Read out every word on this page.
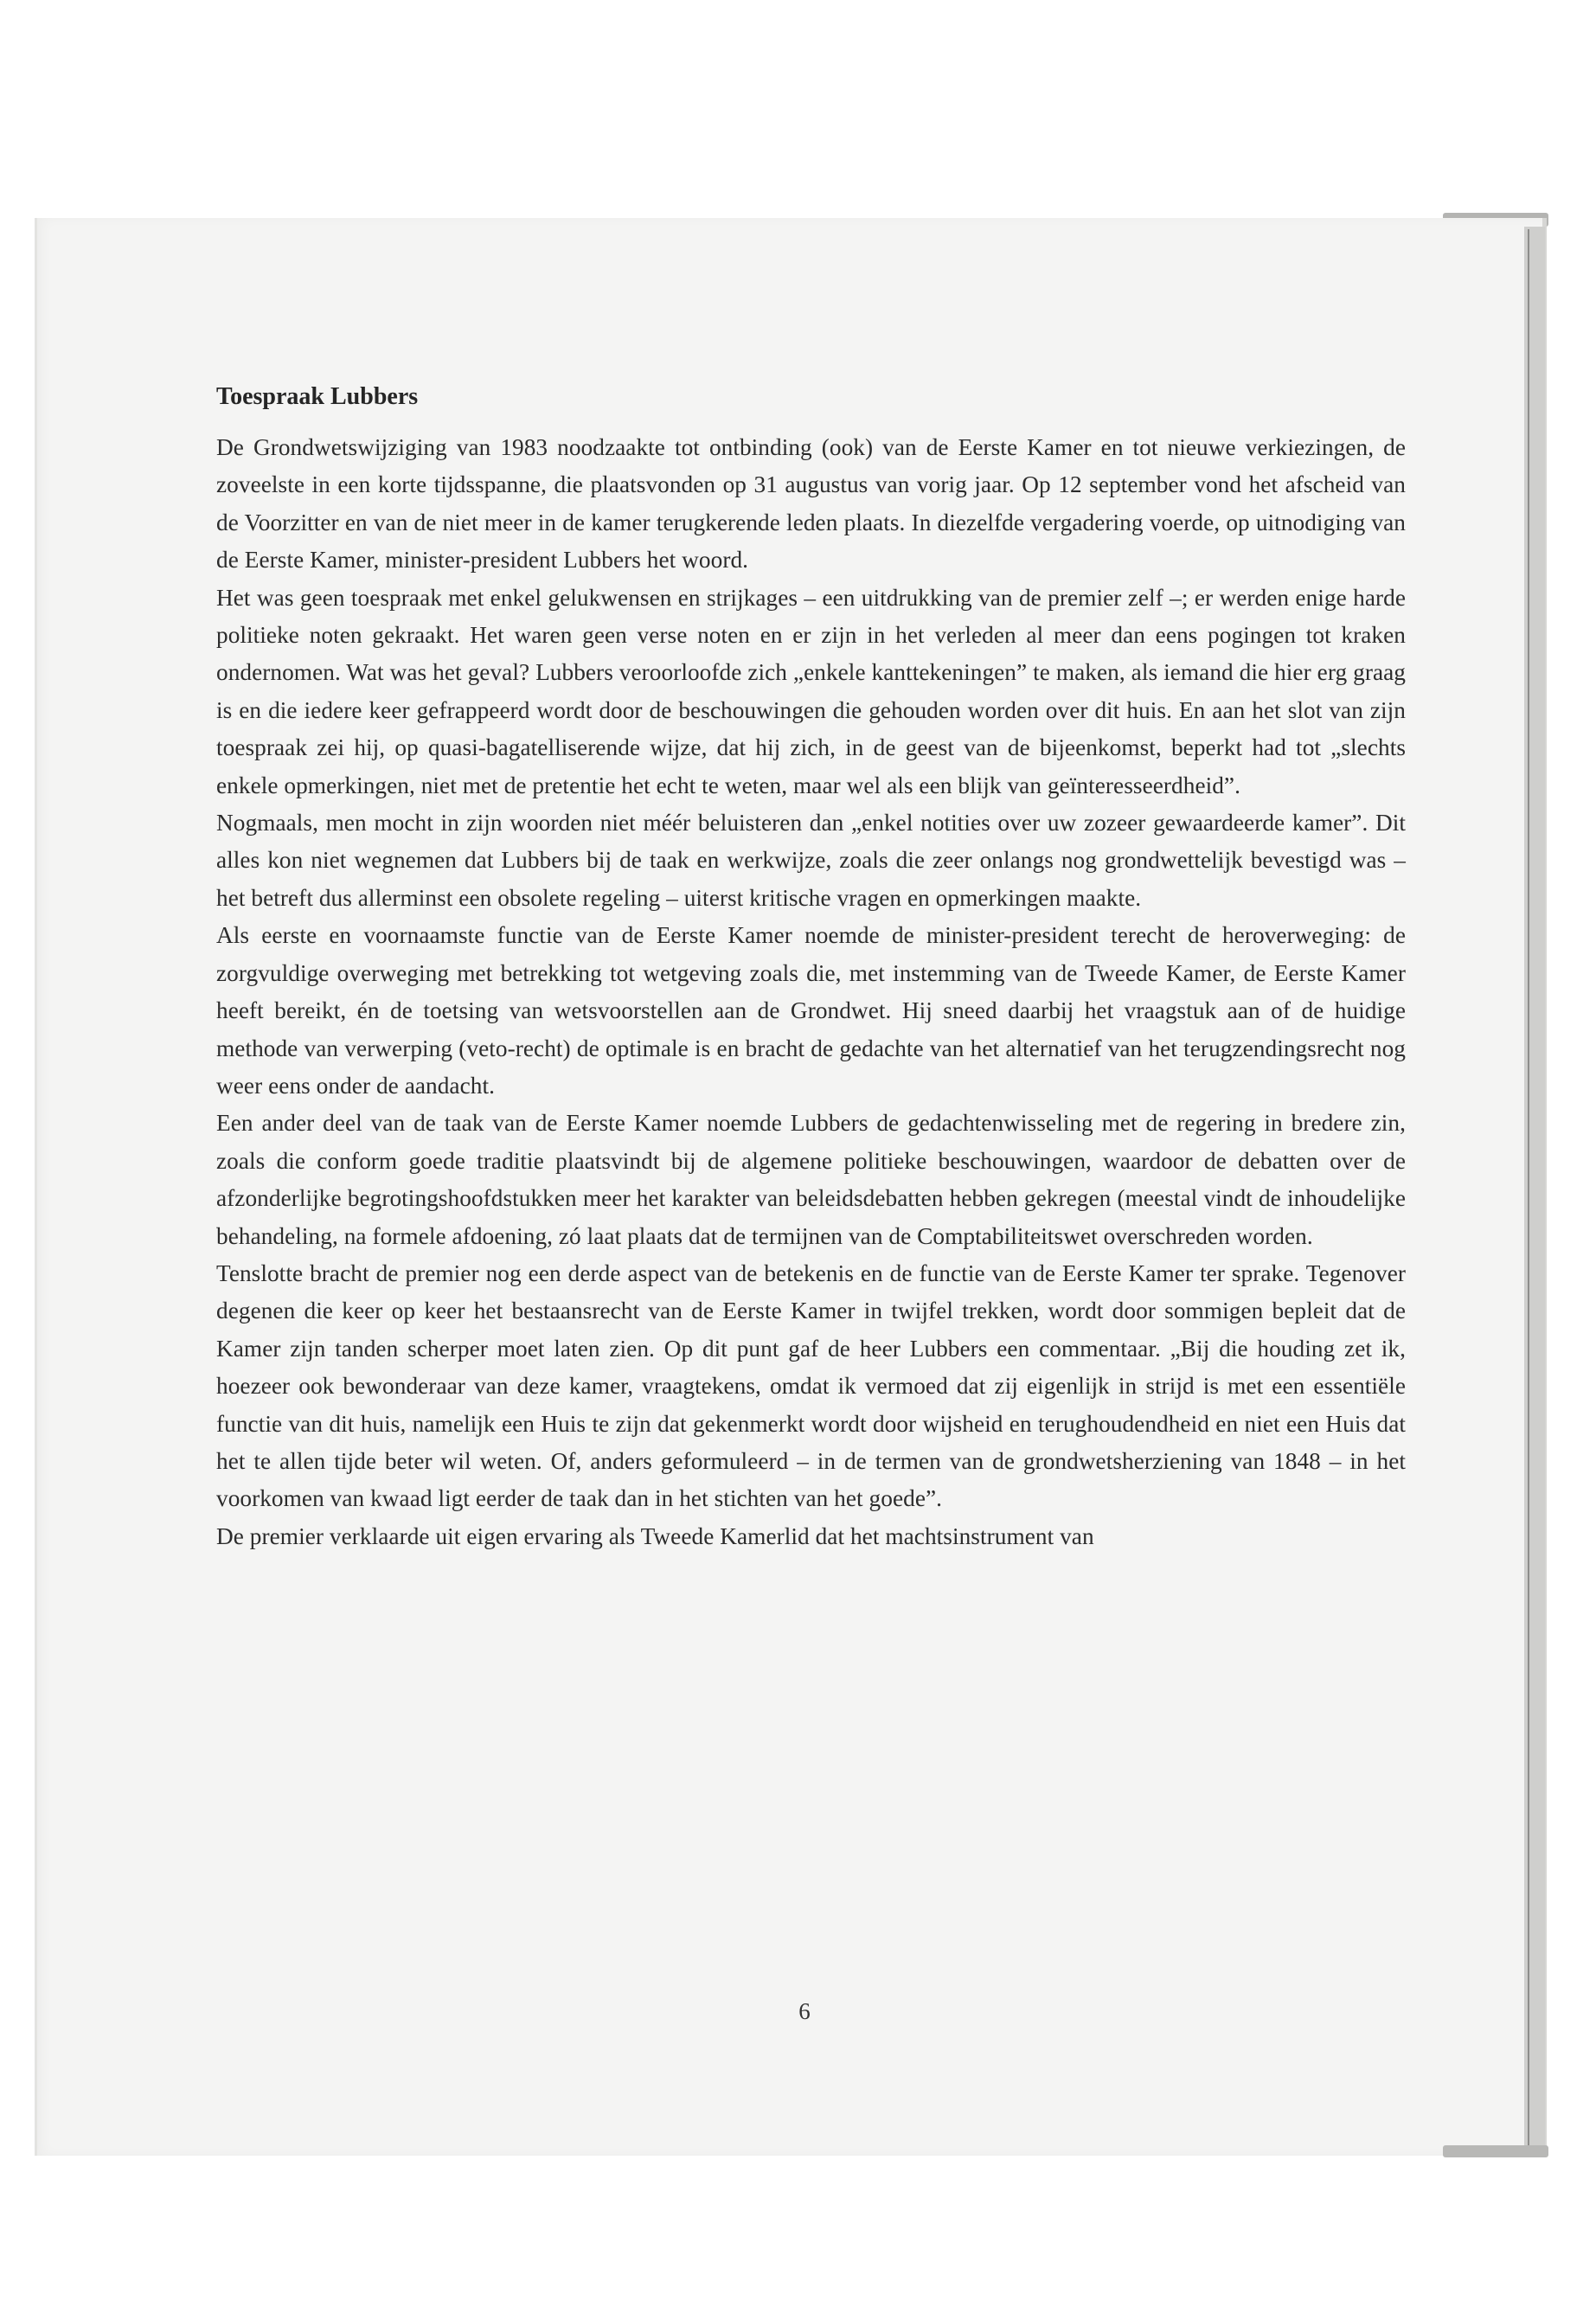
Toespraak Lubbers

De Grondwetswijziging van 1983 noodzaakte tot ontbinding (ook) van de Eerste Kamer en tot nieuwe verkiezingen, de zoveelste in een korte tijdsspanne, die plaatsvonden op 31 augustus van vorig jaar. Op 12 september vond het afscheid van de Voorzitter en van de niet meer in de kamer terugkerende leden plaats. In diezelfde vergadering voerde, op uitnodiging van de Eerste Kamer, minister-president Lubbers het woord.

Het was geen toespraak met enkel gelukwensen en strijkages – een uitdrukking van de premier zelf –; er werden enige harde politieke noten gekraakt. Het waren geen verse noten en er zijn in het verleden al meer dan eens pogingen tot kraken ondernomen. Wat was het geval? Lubbers veroorloofde zich „enkele kanttekeningen” te maken, als iemand die hier erg graag is en die iedere keer gefrappeerd wordt door de beschouwingen die gehouden worden over dit huis. En aan het slot van zijn toespraak zei hij, op quasi-bagatelliserende wijze, dat hij zich, in de geest van de bijeenkomst, beperkt had tot „slechts enkele opmerkingen, niet met de pretentie het echt te weten, maar wel als een blijk van geïnteresseerdheid”.

Nogmaals, men mocht in zijn woorden niet méér beluisteren dan „enkel notities over uw zozeer gewaardeerde kamer”. Dit alles kon niet wegnemen dat Lubbers bij de taak en werkwijze, zoals die zeer onlangs nog grondwettelijk bevestigd was – het betreft dus allerminst een obsolete regeling – uiterst kritische vragen en opmerkingen maakte.

Als eerste en voornaamste functie van de Eerste Kamer noemde de minister-president terecht de heroverweging: de zorgvuldige overweging met betrekking tot wetgeving zoals die, met instemming van de Tweede Kamer, de Eerste Kamer heeft bereikt, én de toetsing van wetsvoorstellen aan de Grondwet. Hij sneed daarbij het vraagstuk aan of de huidige methode van verwerping (veto-recht) de optimale is en bracht de gedachte van het alternatief van het terugzendingsrecht nog weer eens onder de aandacht.

Een ander deel van de taak van de Eerste Kamer noemde Lubbers de gedachtenwisseling met de regering in bredere zin, zoals die conform goede traditie plaatsvindt bij de algemene politieke beschouwingen, waardoor de debatten over de afzonderlijke begrotingshoofdstukken meer het karakter van beleidsdebatten hebben gekregen (meestal vindt de inhoudelijke behandeling, na formele afdoening, zó laat plaats dat de termijnen van de Comptabiliteitswet overschreden worden.

Tenslotte bracht de premier nog een derde aspect van de betekenis en de functie van de Eerste Kamer ter sprake. Tegenover degenen die keer op keer het bestaansrecht van de Eerste Kamer in twijfel trekken, wordt door sommigen bepleit dat de Kamer zijn tanden scherper moet laten zien. Op dit punt gaf de heer Lubbers een commentaar. „Bij die houding zet ik, hoezeer ook bewonderaar van deze kamer, vraagtekens, omdat ik vermoed dat zij eigenlijk in strijd is met een essentiële functie van dit huis, namelijk een Huis te zijn dat gekenmerkt wordt door wijsheid en terughoudendheid en niet een Huis dat het te allen tijde beter wil weten. Of, anders geformuleerd – in de termen van de grondwetsherziening van 1848 – in het voorkomen van kwaad ligt eerder de taak dan in het stichten van het goede”.

De premier verklaarde uit eigen ervaring als Tweede Kamerlid dat het machtsinstrument van

6
